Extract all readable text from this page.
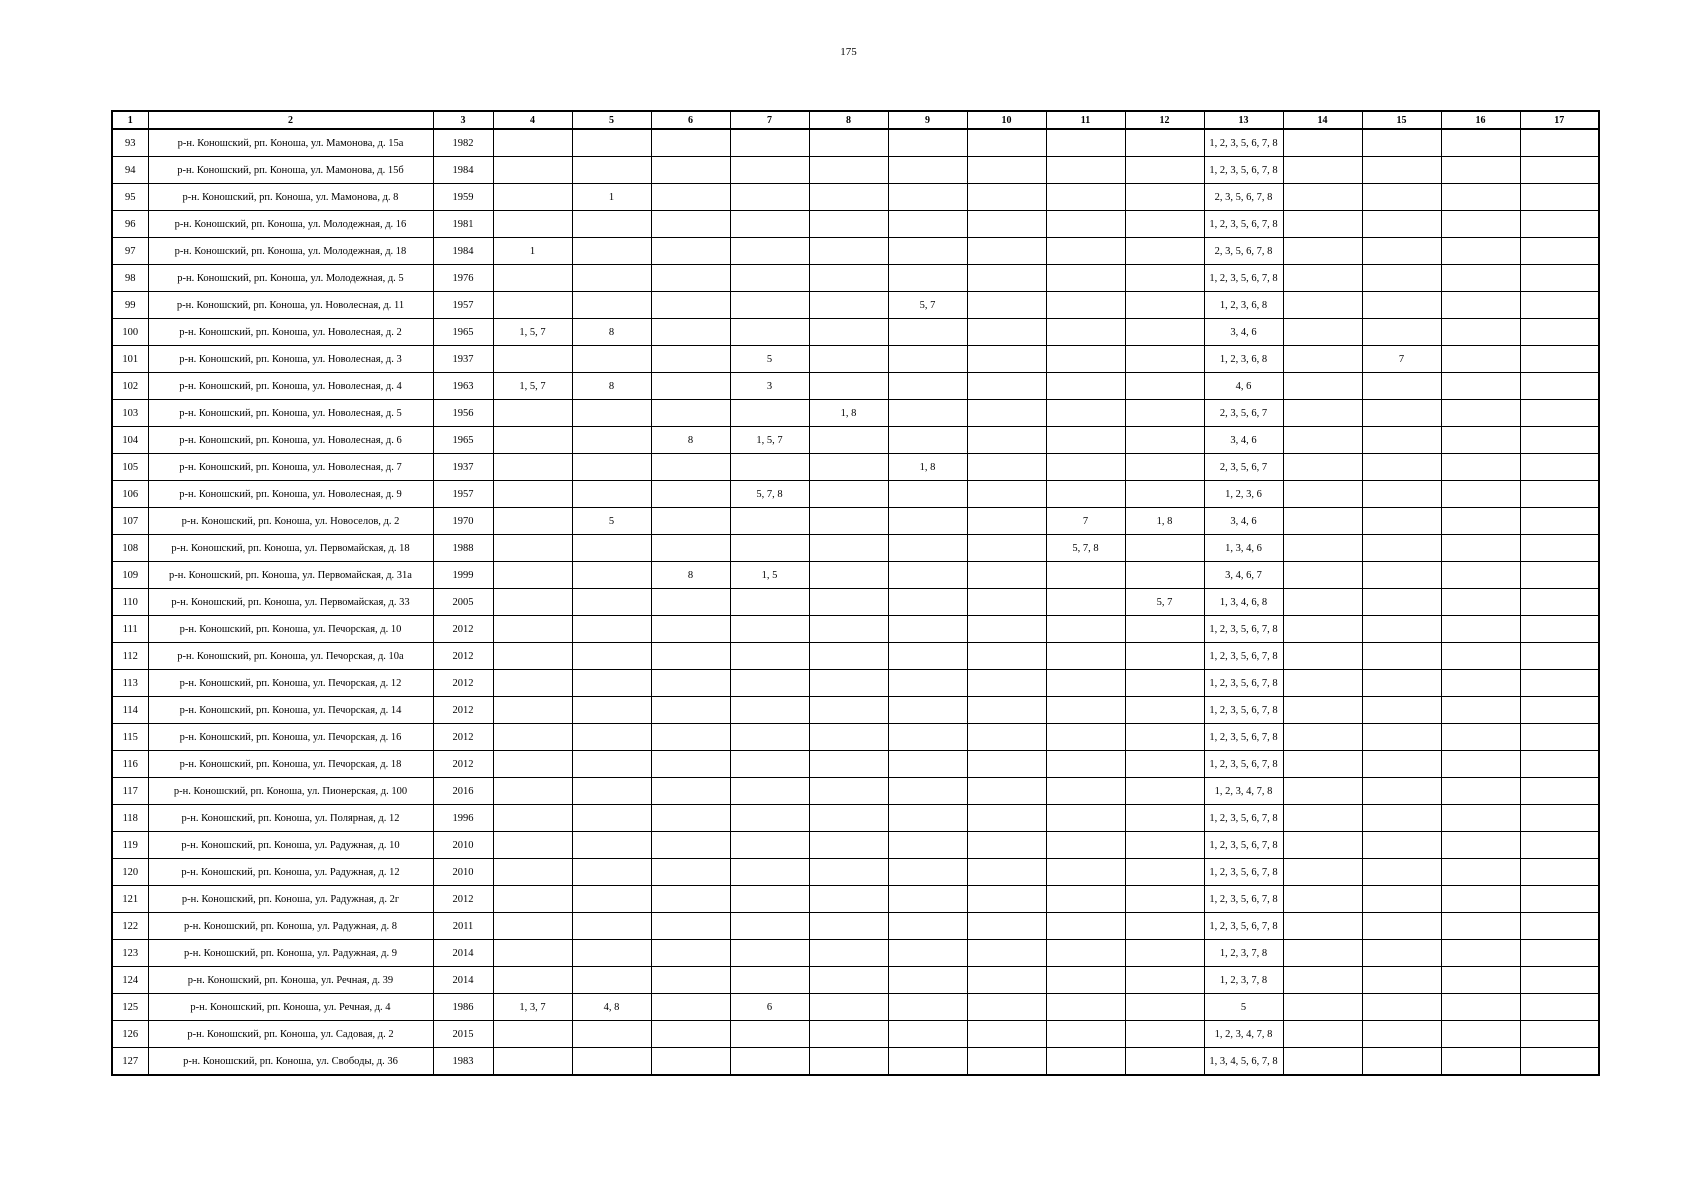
175
1	2	3	4	5	6	7	8	9	10	11	12	13	14	15	16	17
93	р-н. Коношский, рп. Коноша, ул. Мамонова, д. 15а	1982										1, 2, 3, 5, 6, 7, 8				
94	р-н. Коношский, рп. Коноша, ул. Мамонова, д. 15б	1984										1, 2, 3, 5, 6, 7, 8				
95	р-н. Коношский, рп. Коноша, ул. Мамонова, д. 8	1959		1								2, 3, 5, 6, 7, 8				
96	р-н. Коношский, рп. Коноша, ул. Молодежная, д. 16	1981										1, 2, 3, 5, 6, 7, 8				
97	р-н. Коношский, рп. Коноша, ул. Молодежная, д. 18	1984	1									2, 3, 5, 6, 7, 8				
98	р-н. Коношский, рп. Коноша, ул. Молодежная, д. 5	1976										1, 2, 3, 5, 6, 7, 8				
99	р-н. Коношский, рп. Коноша, ул. Новолесная, д. 11	1957						5, 7				1, 2, 3, 6, 8				
100	р-н. Коношский, рп. Коноша, ул. Новолесная, д. 2	1965	1, 5, 7	8								3, 4, 6				
101	р-н. Коношский, рп. Коноша, ул. Новолесная, д. 3	1937				5						1, 2, 3, 6, 8		7		
102	р-н. Коношский, рп. Коноша, ул. Новолесная, д. 4	1963	1, 5, 7	8		3						4, 6				
103	р-н. Коношский, рп. Коноша, ул. Новолесная, д. 5	1956					1, 8					2, 3, 5, 6, 7				
104	р-н. Коношский, рп. Коноша, ул. Новолесная, д. 6	1965			8	1, 5, 7						3, 4, 6				
105	р-н. Коношский, рп. Коноша, ул. Новолесная, д. 7	1937						1, 8				2, 3, 5, 6, 7				
106	р-н. Коношский, рп. Коноша, ул. Новолесная, д. 9	1957				5, 7, 8						1, 2, 3, 6				
107	р-н. Коношский, рп. Коноша, ул. Новоселов, д. 2	1970		5						7	1, 8	3, 4, 6				
108	р-н. Коношский, рп. Коноша, ул. Первомайская, д. 18	1988								5, 7, 8		1, 3, 4, 6				
109	р-н. Коношский, рп. Коноша, ул. Первомайская, д. 31а	1999			8	1, 5						3, 4, 6, 7				
110	р-н. Коношский, рп. Коноша, ул. Первомайская, д. 33	2005									5, 7	1, 3, 4, 6, 8				
111	р-н. Коношский, рп. Коноша, ул. Печорская, д. 10	2012										1, 2, 3, 5, 6, 7, 8				
112	р-н. Коношский, рп. Коноша, ул. Печорская, д. 10а	2012										1, 2, 3, 5, 6, 7, 8				
113	р-н. Коношский, рп. Коноша, ул. Печорская, д. 12	2012										1, 2, 3, 5, 6, 7, 8				
114	р-н. Коношский, рп. Коноша, ул. Печорская, д. 14	2012										1, 2, 3, 5, 6, 7, 8				
115	р-н. Коношский, рп. Коноша, ул. Печорская, д. 16	2012										1, 2, 3, 5, 6, 7, 8				
116	р-н. Коношский, рп. Коноша, ул. Печорская, д. 18	2012										1, 2, 3, 5, 6, 7, 8				
117	р-н. Коношский, рп. Коноша, ул. Пионерская, д. 100	2016										1, 2, 3, 4, 7, 8				
118	р-н. Коношский, рп. Коноша, ул. Полярная, д. 12	1996										1, 2, 3, 5, 6, 7, 8				
119	р-н. Коношский, рп. Коноша, ул. Радужная, д. 10	2010										1, 2, 3, 5, 6, 7, 8				
120	р-н. Коношский, рп. Коноша, ул. Радужная, д. 12	2010										1, 2, 3, 5, 6, 7, 8				
121	р-н. Коношский, рп. Коноша, ул. Радужная, д. 2г	2012										1, 2, 3, 5, 6, 7, 8				
122	р-н. Коношский, рп. Коноша, ул. Радужная, д. 8	2011										1, 2, 3, 5, 6, 7, 8				
123	р-н. Коношский, рп. Коноша, ул. Радужная, д. 9	2014										1, 2, 3, 7, 8				
124	р-н. Коношский, рп. Коноша, ул. Речная, д. 39	2014										1, 2, 3, 7, 8				
125	р-н. Коношский, рп. Коноша, ул. Речная, д. 4	1986	1, 3, 7	4, 8		6						5				
126	р-н. Коношский, рп. Коноша, ул. Садовая, д. 2	2015										1, 2, 3, 4, 7, 8				
127	р-н. Коношский, рп. Коноша, ул. Свободы, д. 36	1983										1, 3, 4, 5, 6, 7, 8				
